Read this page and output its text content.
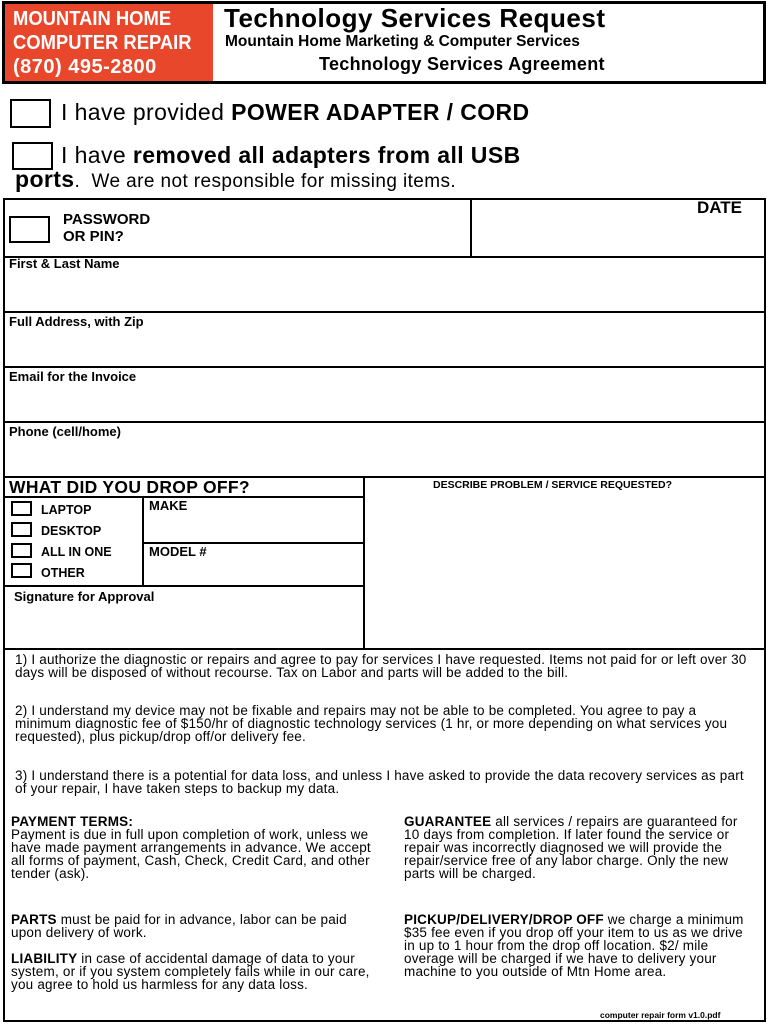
MOUNTAIN HOME
COMPUTER REPAIR
(870) 495-2800
Technology Services Request
Mountain Home Marketing & Computer Services
Technology Services Agreement
I have provided POWER ADAPTER / CORD
I have removed all adapters from all USB
ports.  We are not responsible for missing items.
PASSWORD
OR PIN?
DATE
First & Last Name
Full Address, with Zip
Email for the Invoice
Phone (cell/home)
WHAT DID YOU DROP OFF?	DESCRIBE PROBLEM / SERVICE REQUESTED?
LAPTOP
DESKTOP
ALL IN ONE
OTHER
MAKE
MODEL #
Signature for Approval
1) I authorize the diagnostic or repairs and agree to pay for services I have requested. Items not paid for or left over 30 days will be disposed of without recourse. Tax on Labor and parts will be added to the bill.
2) I understand my device may not be fixable and repairs may not be able to be completed. You agree to pay a minimum diagnostic fee of $150/hr of diagnostic technology services (1 hr, or more depending on what services you requested), plus pickup/drop off/or delivery fee.
3) I understand there is a potential for data loss, and unless I have asked to provide the data recovery services as part of your repair, I have taken steps to backup my data.
PAYMENT TERMS:
Payment is due in full upon completion of work, unless we have made payment arrangements in advance. We accept all forms of payment, Cash, Check, Credit Card, and other tender (ask).
PARTS must be paid for in advance, labor can be paid upon delivery of work.
LIABILITY in case of accidental damage of data to your system, or if you system completely fails while in our care, you agree to hold us harmless for any data loss.
GUARANTEE all services / repairs are guaranteed for 10 days from completion. If later found the service or repair was incorrectly diagnosed we will provide the repair/service free of any labor charge. Only the new parts will be charged.
PICKUP/DELIVERY/DROP OFF we charge a minimum $35 fee even if you drop off your item to us as we drive in up to 1 hour from the drop off location. $2/ mile overage will be charged if we have to delivery your machine to you outside of Mtn Home area.
computer repair form v1.0.pdf
